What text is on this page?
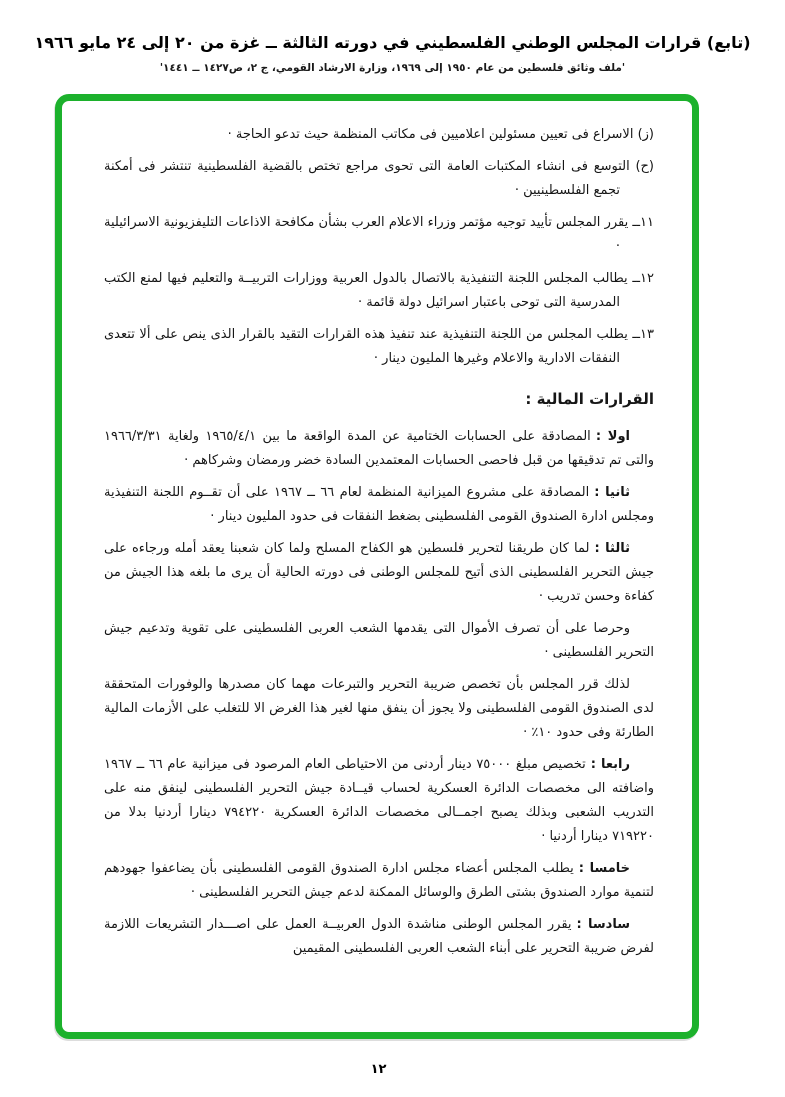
(تابع) قرارات المجلس الوطني الفلسطيني في دورته الثالثة ــ غزة من ٢٠ إلى ٢٤ مايو ١٩٦٦
'ملف وثائق فلسطين من عام ١٩٥٠ إلى ١٩٦٩، وزارة الارشاد القومي، ج ٢، ص١٤٢٧ ــ ١٤٤١'

(ز) الاسراع فى تعيين مسئولين اعلاميين فى مكاتب المنظمة حيث تدعو الحاجة ·

(ح) التوسع فى انشاء المكتبات العامة التى تحوى مراجع تختص بالقضية الفلسطينية تنتشر فى أمكنة تجمع الفلسطينيين ·

١١ــ يقرر المجلس تأييد توجيه مؤتمر وزراء الاعلام العرب بشأن مكافحة الاذاعات التليفزيونية الاسرائيلية ·

١٢ــ يطالب المجلس اللجنة التنفيذية بالاتصال بالدول العربية ووزارات التربيــة والتعليم فيها لمنع الكتب المدرسية التى توحى باعتبار اسرائيل دولة قائمة ·

١٣ــ يطلب المجلس من اللجنة التنفيذية عند تنفيذ هذه القرارات التقيد بالقرار الذى ينص على ألا تتعدى النفقات الادارية والاعلام وغيرها المليون دينار ·

القرارات المالية :

اولا :المصادقة على الحسابات الختامية عن المدة الواقعة ما بين ١٩٦٥/٤/١ ولغاية ١٩٦٦/٣/٣١ والتى تم تدقيقها من قبل فاحصى الحسابات المعتمدين السادة خضر ورمضان وشركاهم ·

ثانيا :المصادقة على مشروع الميزانية المنظمة لعام ٦٦ ــ ١٩٦٧ على أن تقــوم اللجنة التنفيذية ومجلس ادارة الصندوق القومى الفلسطينى بضغط النفقات فى حدود المليون دينار ·

ثالثا :لما كان طريقنا لتحرير فلسطين هو الكفاح المسلح ولما كان شعبنا يعقد أمله ورجاءه على جيش التحرير الفلسطينى الذى أتيح للمجلس الوطنى فى دورته الحالية أن يرى ما بلغه هذا الجيش من كفاءة وحسن تدريب ·

وحرصا على أن تصرف الأموال التى يقدمها الشعب العربى الفلسطينى على تقوية وتدعيم جيش التحرير الفلسطينى ·

لذلك قرر المجلس بأن تخصص ضريبة التحرير والتبرعات مهما كان مصدرها والوفورات المتحققة لدى الصندوق القومى الفلسطينى ولا يجوز أن ينفق منها لغير هذا الغرض الا للتغلب على الأزمات المالية الطارئة وفى حدود ١٠٪ ·

رابعا :تخصيص مبلغ ٧٥٠٠٠ دينار أردنى من الاحتياطى العام المرصود فى ميزانية عام ٦٦ ــ ١٩٦٧ واضافته الى مخصصات الدائرة العسكرية لحساب قيــادة جيش التحرير الفلسطينى لينفق منه على التدريب الشعبى وبذلك يصبح اجمــالى مخصصات الدائرة العسكرية ٧٩٤٢٢٠ دينارا أردنيا بدلا من ٧١٩٢٢٠ دينارا أردنيا ·

خامسا :يطلب المجلس أعضاء مجلس ادارة الصندوق القومى الفلسطينى بأن يضاعفوا جهودهم لتنمية موارد الصندوق بشتى الطرق والوسائل الممكنة لدعم جيش التحرير الفلسطينى ·

سادسا :يقرر المجلس الوطنى مناشدة الدول العربيــة العمل على اصـــدار التشريعات اللازمة لفرض ضريبة التحرير على أبناء الشعب العربى الفلسطينى المقيمين

١٢
